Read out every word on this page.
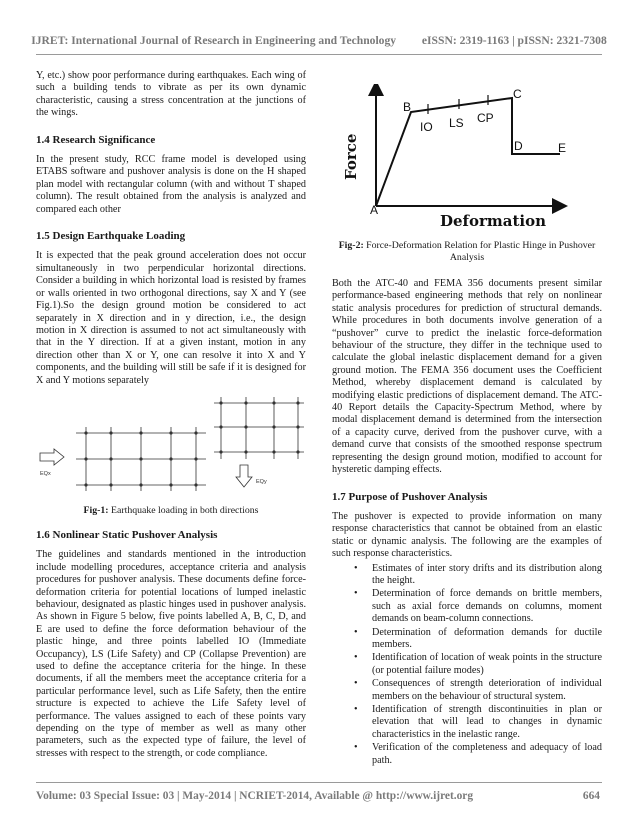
IJRET: International Journal of Research in Engineering and Technology eISSN: 2319-1163 | pISSN: 2321-7308

Y, etc.) show poor performance during earthquakes. Each wing of such a building tends to vibrate as per its own dynamic characteristic, causing a stress concentration at the junctions of the wings.

1.4 Research Significance

In the present study, RCC frame model is developed using ETABS software and pushover analysis is done on the H shaped plan model with rectangular column (with and without T shaped column). The result obtained from the analysis is analyzed and compared each other

1.5 Design Earthquake Loading

It is expected that the peak ground acceleration does not occur simultaneously in two perpendicular horizontal directions. Consider a building in which horizontal load is resisted by frames or walls oriented in two orthogonal directions, say X and Y (see Fig.1).So the design ground motion be considered to act separately in X direction and in y direction, i.e., the design motion in X direction is assumed to not act simultaneously with that in the Y direction. If at a given instant, motion in any direction other than X or Y, one can resolve it into X and Y components, and the building will still be safe if it is designed for X and Y motions separately

EQx
EQy
Fig-1: Earthquake loading in both directions
1.6 Nonlinear Static Pushover Analysis

The guidelines and standards mentioned in the introduction include modelling procedures, acceptance criteria and analysis procedures for pushover analysis. These documents define force-deformation criteria for potential locations of lumped inelastic behaviour, designated as plastic hinges used in pushover analysis. As shown in Figure 5 below, five points labelled A, B, C, D, and E are used to define the force deformation behaviour of the plastic hinge, and three points labelled IO (Immediate Occupancy), LS (Life Safety) and CP (Collapse Prevention) are used to define the acceptance criteria for the hinge. In these documents, if all the members meet the acceptance criteria for a particular performance level, such as Life Safety, then the entire structure is expected to achieve the Life Safety level of performance. The values assigned to each of these points vary depending on the type of member as well as many other parameters, such as the expected type of failure, the level of stresses with respect to the strength, or code compliance.

A
B
C
D	E
IO LS CP
Force
Deformation
Fig-2: Force-Deformation Relation for Plastic Hinge in Pushover Analysis

Both the ATC-40 and FEMA 356 documents present similar performance-based engineering methods that rely on nonlinear static analysis procedures for prediction of structural demands. While procedures in both documents involve generation of a “pushover” curve to predict the inelastic force-deformation behaviour of the structure, they differ in the technique used to calculate the global inelastic displacement demand for a given ground motion. The FEMA 356 document uses the Coefficient Method, whereby displacement demand is calculated by modifying elastic predictions of displacement demand. The ATC-40 Report details the Capacity-Spectrum Method, where by modal displacement demand is determined from the intersection of a capacity curve, derived from the pushover curve, with a demand curve that consists of the smoothed response spectrum representing the design ground motion, modified to account for hysteretic damping effects.

1.7 Purpose of Pushover Analysis

The pushover is expected to provide information on many response characteristics that cannot be obtained from an elastic static or dynamic analysis. The following are the examples of such response characteristics.

• Estimates of inter story drifts and its distribution along the height.
• Determination of force demands on brittle members, such as axial force demands on columns, moment demands on beam-column connections.
• Determination of deformation demands for ductile members.
• Identification of location of weak points in the structure (or potential failure modes)
• Consequences of strength deterioration of individual members on the behaviour of structural system.
• Identification of strength discontinuities in plan or elevation that will lead to changes in dynamic characteristics in the inelastic range.
• Verification of the completeness and adequacy of load path.
Volume: 03 Special Issue: 03 | May-2014 | NCRIET-2014, Available @ http://www.ijret.org	664
